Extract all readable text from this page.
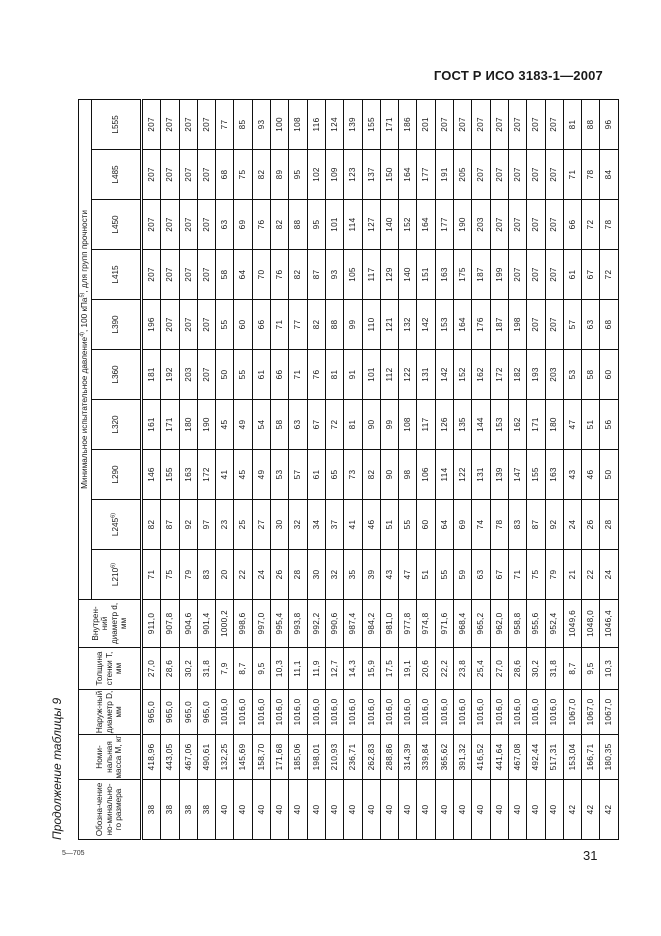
ГОСТ Р ИСО 3183-1—2007
Продолжение таблицы 9	Обозна-чение но-минально-го размера	Номи-нальная масса M, кг	Наруж-ный диаметр D, мм	Толщина стенки T, мм	Внутрен-ний диаметр d, мм	Минимальное испытательное давление$^{4)}$, 100 кПа$^{5)}$, для групп прочности									
					L210$^{6)}$	L245$^{6)}$	L290	L320	L360	L390	L415	L450	L485	L555
38	418,96	965,0	27,0	911,0	71	82	146	161	181	196	207	207	207	207
38	443,05	965,0	28,6	907,8	75	87	155	171	192	207	207	207	207	207
38	467,06	965,0	30,2	904,6	79	92	163	180	203	207	207	207	207	207
38	490,61	965,0	31,8	901,4	83	97	172	190	207	207	207	207	207	207
40	132,25	1016,0	7,9	1000,2	20	23	41	45	50	55	58	63	68	77
40	145,69	1016,0	8,7	998,6	22	25	45	49	55	60	64	69	75	85
40	158,70	1016,0	9,5	997,0	24	27	49	54	61	66	70	76	82	93
40	171,68	1016,0	10,3	995,4	26	30	53	58	66	71	76	82	89	100
40	185,06	1016,0	11,1	993,8	28	32	57	63	71	77	82	88	95	108
40	198,01	1016,0	11,9	992,2	30	34	61	67	76	82	87	95	102	116
40	210,93	1016,0	12,7	990,6	32	37	65	72	81	88	93	101	109	124
40	236,71	1016,0	14,3	987,4	35	41	73	81	91	99	105	114	123	139
40	262,83	1016,0	15,9	984,2	39	46	82	90	101	110	117	127	137	155
40	288,86	1016,0	17,5	981,0	43	51	90	99	112	121	129	140	150	171
40	314,39	1016,0	19,1	977,8	47	55	98	108	122	132	140	152	164	186
40	339,84	1016,0	20,6	974,8	51	60	106	117	131	142	151	164	177	201
40	365,62	1016,0	22,2	971,6	55	64	114	126	142	153	163	177	191	207
40	391,32	1016,0	23,8	968,4	59	69	122	135	152	164	175	190	205	207
40	416,52	1016,0	25,4	965,2	63	74	131	144	162	176	187	203	207	207
40	441,64	1016,0	27,0	962,0	67	78	139	153	172	187	199	207	207	207
40	467,08	1016,0	28,6	958,8	71	83	147	162	182	198	207	207	207	207
40	492,44	1016,0	30,2	955,6	75	87	155	171	193	207	207	207	207	207
40	517,31	1016,0	31,8	952,4	79	92	163	180	203	207	207	207	207	207
42	153,04	1067,0	8,7	1049,6	21	24	43	47	53	57	61	66	71	81
42	166,71	1067,0	9,5	1048,0	22	26	46	51	58	63	67	72	78	88
42	180,35	1067,0	10,3	1046,4	24	28	50	56	60	68	72	78	84	96
5—705	31
